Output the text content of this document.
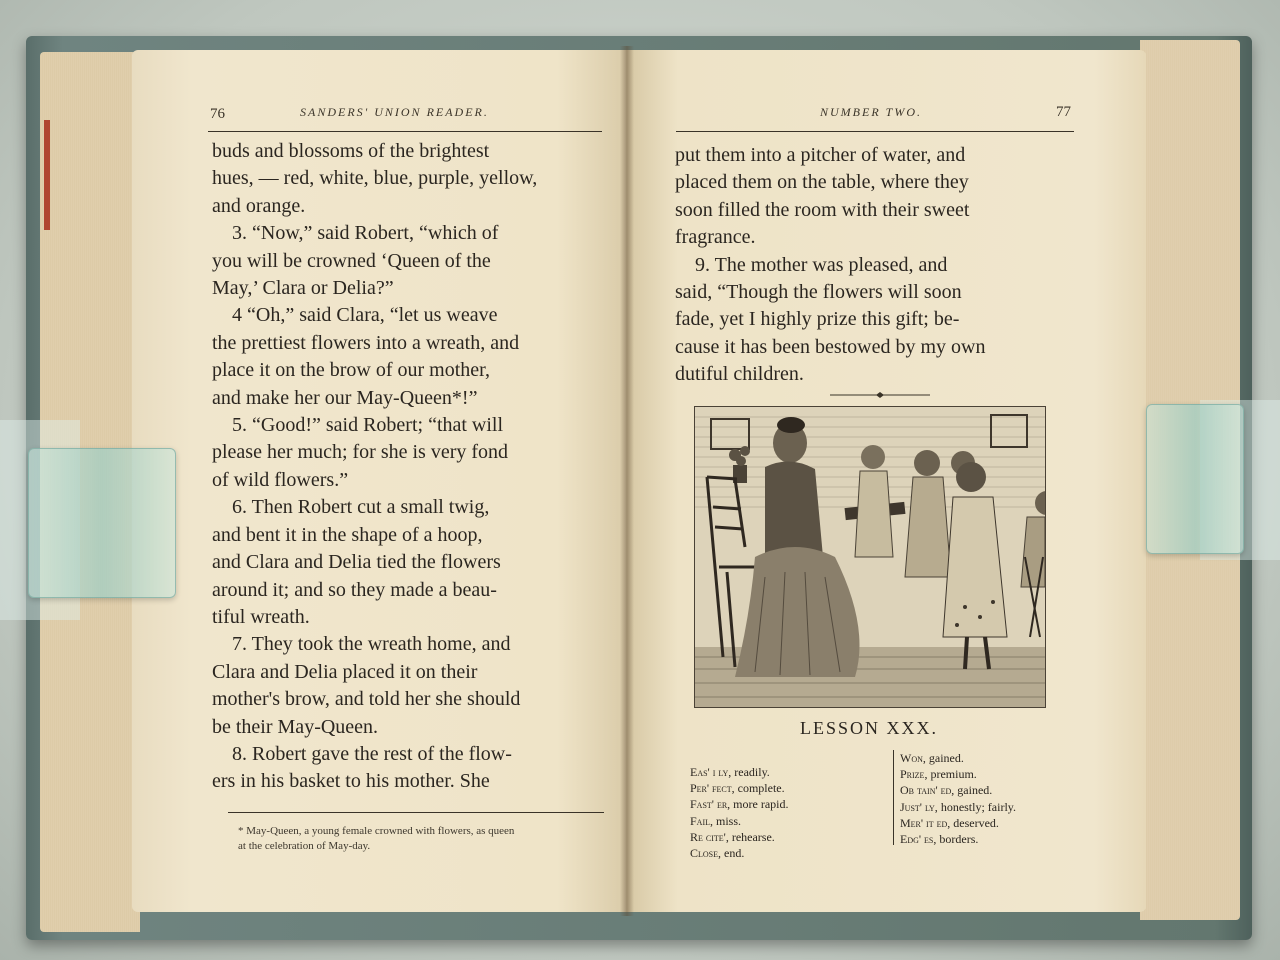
76	SANDERS' UNION READER.

buds and blossoms of the brightest

hues, — red, white, blue, purple, yellow,

and orange.

3. “Now,” said Robert, “which of

you will be crowned ‘Queen of the

May,’ Clara or Delia?”

4 “Oh,” said Clara, “let us weave

the prettiest flowers into a wreath, and

place it on the brow of our mother,

and make her our May-Queen*!”

5. “Good!” said Robert; “that will

please her much; for she is very fond

of wild flowers.”

6. Then Robert cut a small twig,

and bent it in the shape of a hoop,

and Clara and Delia tied the flowers

around it; and so they made a beau-

tiful wreath.

7. They took the wreath home, and

Clara and Delia placed it on their

mother's brow, and told her she should

be their May-Queen.

8. Robert gave the rest of the flow-

ers in his basket to his mother. She

* May-Queen, a young female crowned with flowers, as queen
at the celebration of May-day.
NUMBER TWO.	77

put them into a pitcher of water, and

placed them on the table, where they

soon filled the room with their sweet

fragrance.

9. The mother was pleased, and

said, “Though the flowers will soon

fade, yet I highly prize this gift; be-

cause it has been bestowed by my own

dutiful children.

LESSON XXX.
Eas' i ly, readily.
Per' fect, complete.
Fast' er, more rapid.
Fail, miss.
Re cite', rehearse.
Close, end.
Won, gained.
Prize, premium.
Ob tain' ed, gained.
Just' ly, honestly; fairly.
Mer' it ed, deserved.
Edg' es, borders.
